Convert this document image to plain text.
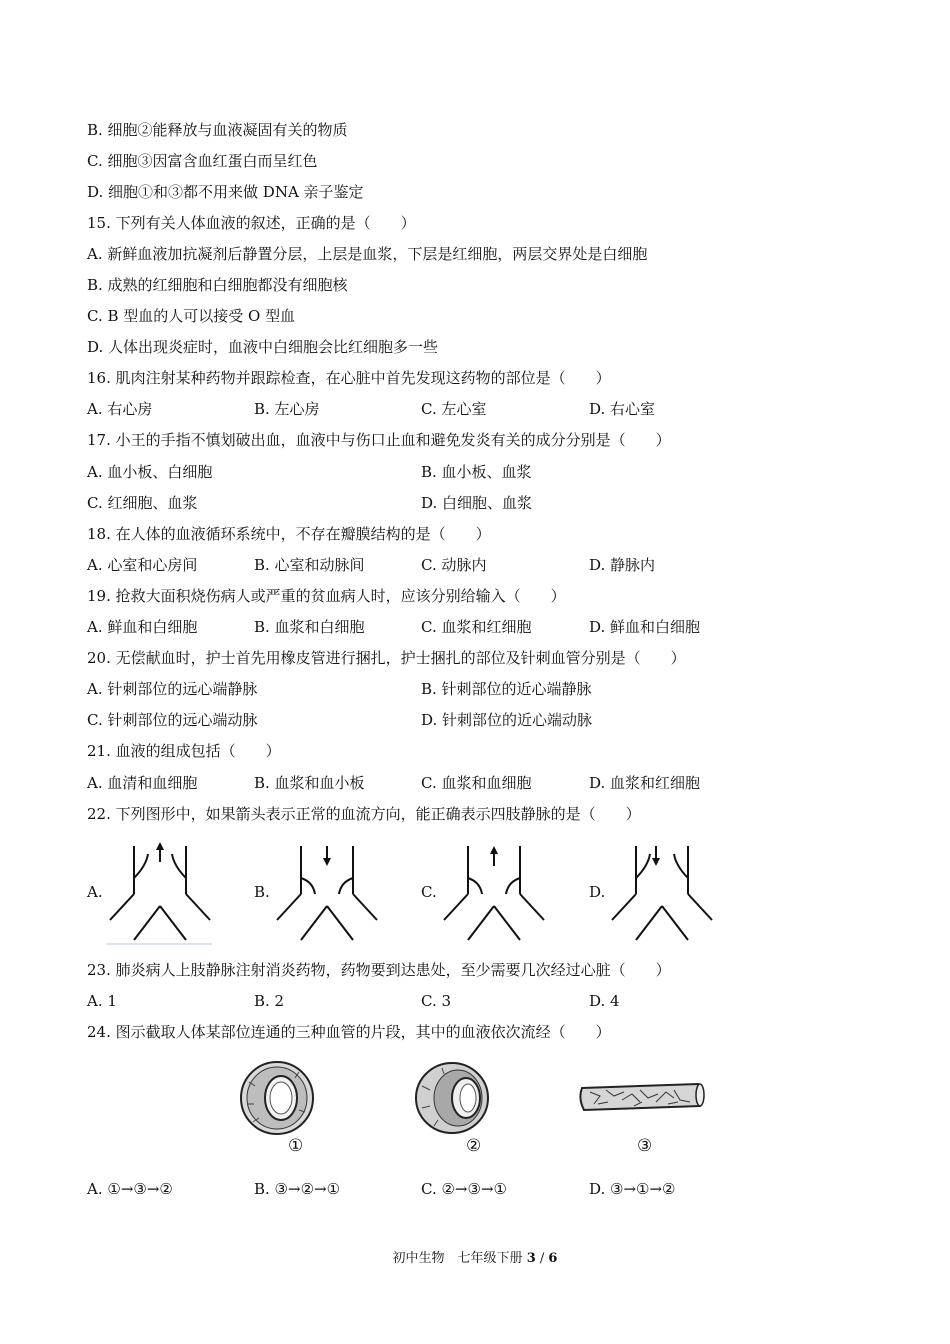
B. 细胞②能释放与血液凝固有关的物质
C. 细胞③因富含血红蛋白而呈红色
D. 细胞①和③都不用来做 DNA 亲子鉴定
15. 下列有关人体血液的叙述，正确的是（　　）
A. 新鲜血液加抗凝剂后静置分层，上层是血浆，下层是红细胞，两层交界处是白细胞
B. 成熟的红细胞和白细胞都没有细胞核
C. B 型血的人可以接受 O 型血
D. 人体出现炎症时，血液中白细胞会比红细胞多一些
16. 肌肉注射某种药物并跟踪检查，在心脏中首先发现这药物的部位是（　　）
A. 右心房	B. 左心房	C. 左心室	D. 右心室
17. 小王的手指不慎划破出血，血液中与伤口止血和避免发炎有关的成分分别是（　　）
A. 血小板、白细胞	B. 血小板、血浆
C. 红细胞、血浆	D. 白细胞、血浆
18. 在人体的血液循环系统中，不存在瓣膜结构的是（　　）
A. 心室和心房间	B. 心室和动脉间	C. 动脉内	D. 静脉内
19. 抢救大面积烧伤病人或严重的贫血病人时，应该分别给输入（　　）
A. 鲜血和白细胞	B. 血浆和白细胞	C. 血浆和红细胞	D. 鲜血和白细胞
20. 无偿献血时，护士首先用橡皮管进行捆扎，护士捆扎的部位及针刺血管分别是（　　）
A. 针刺部位的远心端静脉	B. 针刺部位的近心端静脉
C. 针刺部位的远心端动脉	D. 针刺部位的近心端动脉
21. 血液的组成包括（　　）
A. 血清和血细胞	B. 血浆和血小板	C. 血浆和血细胞	D. 血浆和红细胞
22. 下列图形中，如果箭头表示正常的血流方向，能正确表示四肢静脉的是（　　）
A.	B.	C.	D.
23. 肺炎病人上肢静脉注射消炎药物，药物要到达患处，至少需要几次经过心脏（　　）
A. 1	B. 2	C. 3	D. 4
24. 图示截取人体某部位连通的三种血管的片段，其中的血液依次流经（　　）
①	②	③
A. ①→③→②	B. ③→②→①	C. ②→③→①	D. ③→①→②
初中生物　七年级下册 3 / 6
